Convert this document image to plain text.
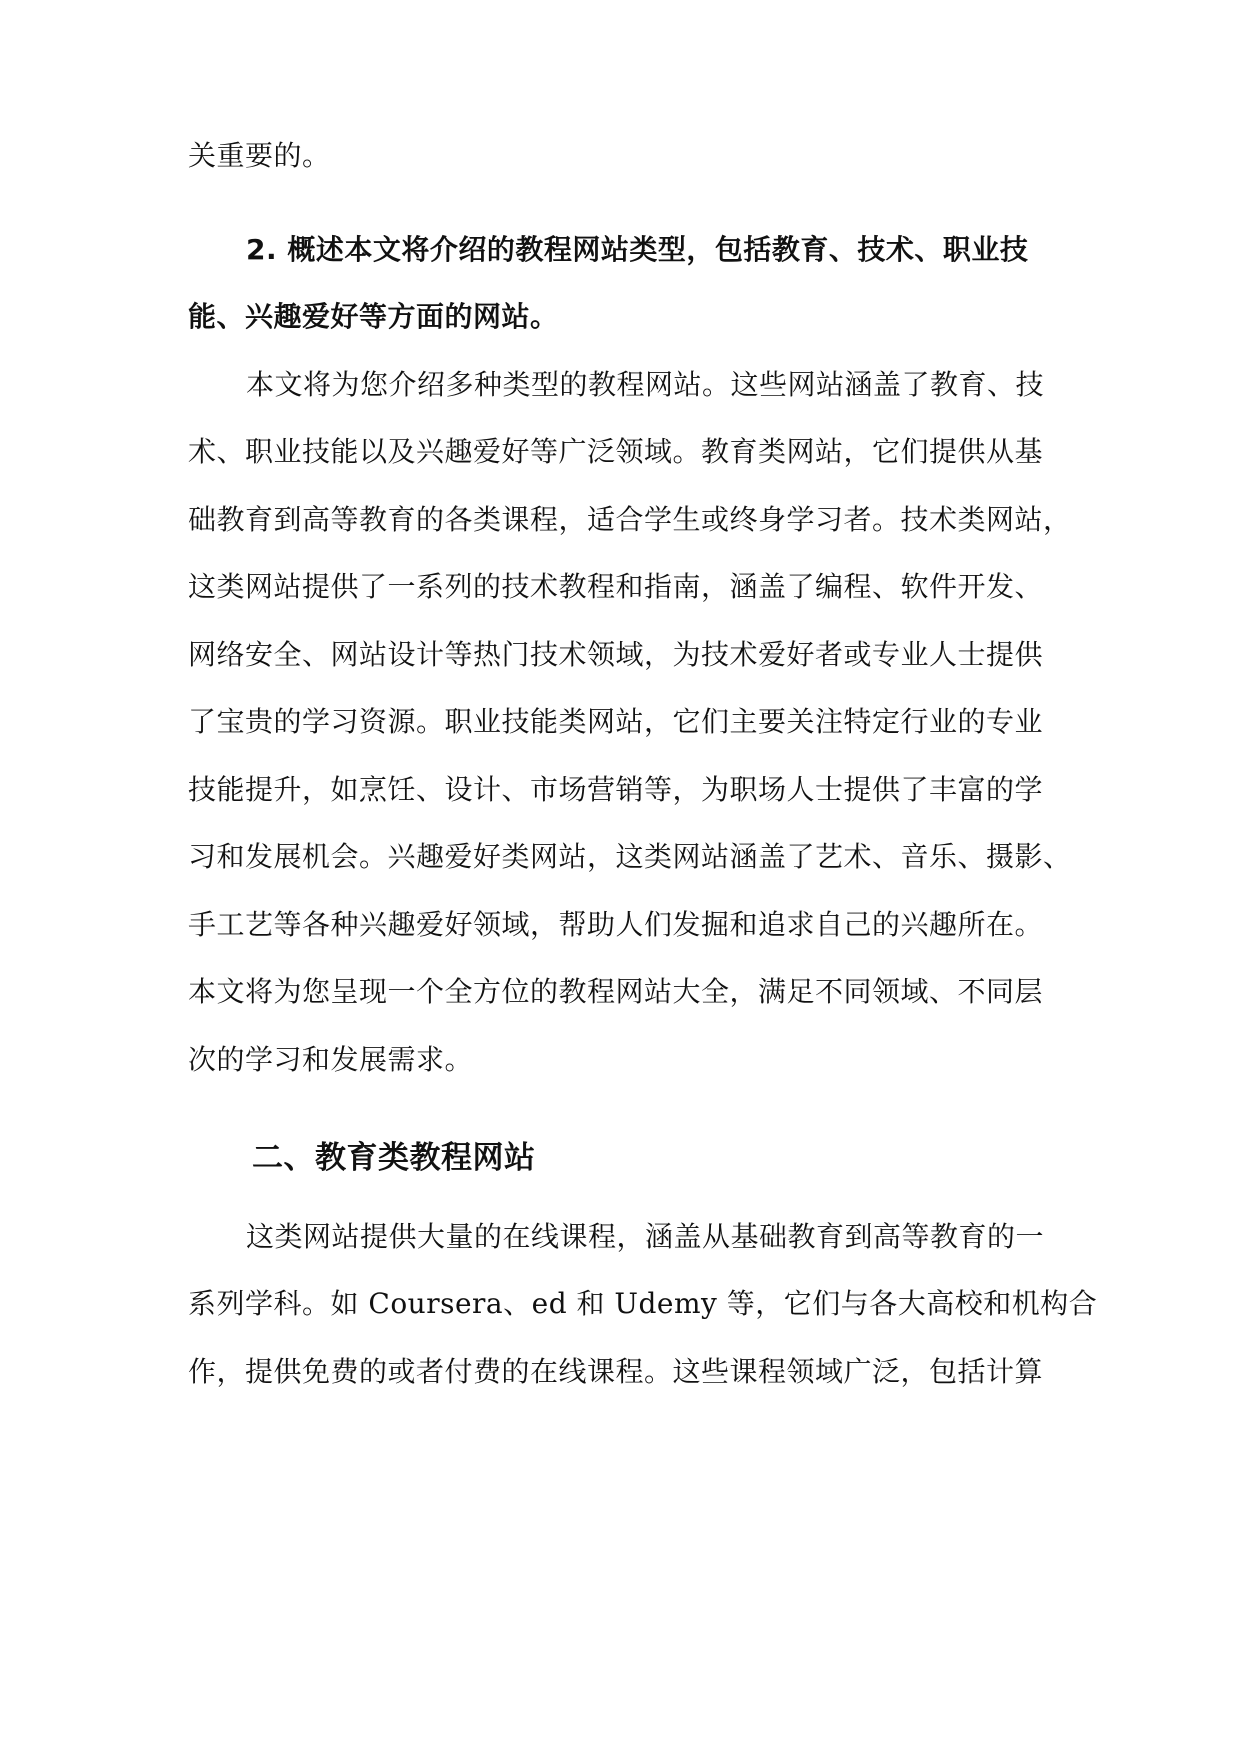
关重要的。
2. 概述本文将介绍的教程网站类型，包括教育、技术、职业技
能、兴趣爱好等方面的网站。
本文将为您介绍多种类型的教程网站。这些网站涵盖了教育、技
术、职业技能以及兴趣爱好等广泛领域。教育类网站，它们提供从基
础教育到高等教育的各类课程，适合学生或终身学习者。技术类网站，
这类网站提供了一系列的技术教程和指南，涵盖了编程、软件开发、
网络安全、网站设计等热门技术领域，为技术爱好者或专业人士提供
了宝贵的学习资源。职业技能类网站，它们主要关注特定行业的专业
技能提升，如烹饪、设计、市场营销等，为职场人士提供了丰富的学
习和发展机会。兴趣爱好类网站，这类网站涵盖了艺术、音乐、摄影、
手工艺等各种兴趣爱好领域，帮助人们发掘和追求自己的兴趣所在。
本文将为您呈现一个全方位的教程网站大全，满足不同领域、不同层
次的学习和发展需求。
二、教育类教程网站
这类网站提供大量的在线课程，涵盖从基础教育到高等教育的一
系列学科。如 Coursera、ed 和 Udemy 等，它们与各大高校和机构合
作，提供免费的或者付费的在线课程。这些课程领域广泛，包括计算
